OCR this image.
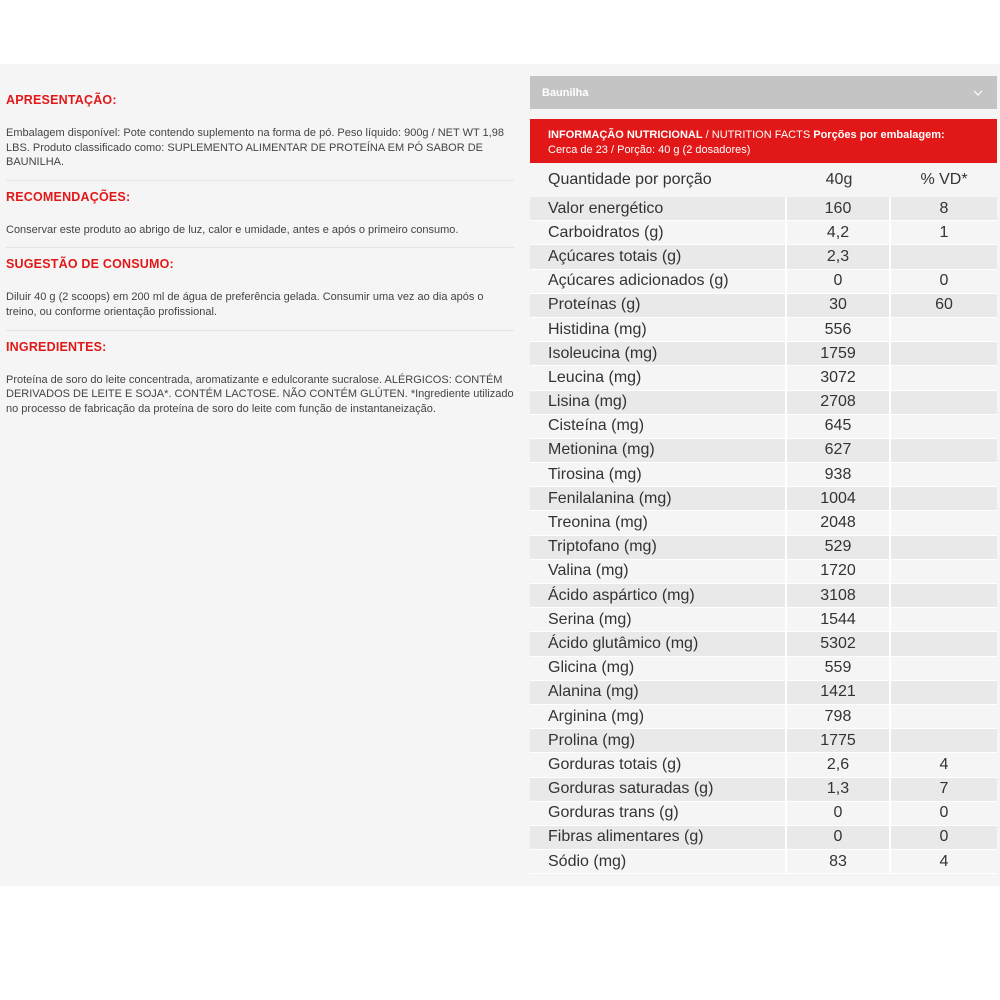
APRESENTAÇÃO:
Embalagem disponível: Pote contendo suplemento na forma de pó. Peso líquido: 900g / NET WT 1,98 LBS. Produto classificado como: SUPLEMENTO ALIMENTAR DE PROTEÍNA EM PÓ SABOR DE BAUNILHA.
RECOMENDAÇÕES:
Conservar este produto ao abrigo de luz, calor e umidade, antes e após o primeiro consumo.
SUGESTÃO DE CONSUMO:
Diluir 40 g (2 scoops) em 200 ml de água de preferência gelada. Consumir uma vez ao dia após o treino, ou conforme orientação profissional.
INGREDIENTES:
Proteína de soro do leite concentrada, aromatizante e edulcorante sucralose. ALÉRGICOS: CONTÉM DERIVADOS DE LEITE E SOJA*. CONTÉM LACTOSE. NÃO CONTÉM GLÚTEN. *Ingrediente utilizado no processo de fabricação da proteína de soro do leite com função de instantaneização.
Baunilha
INFORMAÇÃO NUTRICIONAL / NUTRITION FACTS Porções por embalagem:
Cerca de 23 / Porção: 40 g (2 dosadores)
Quantidade por porção	40g	% VD*
Valor energético	160	8
Carboidratos (g)	4,2	1
Açúcares totais (g)	2,3
Açúcares adicionados (g)	0	0
Proteínas (g)	30	60
Histidina (mg)	556
Isoleucina (mg)	1759
Leucina (mg)	3072
Lisina (mg)	2708
Cisteína (mg)	645
Metionina (mg)	627
Tirosina (mg)	938
Fenilalanina (mg)	1004
Treonina (mg)	2048
Triptofano (mg)	529
Valina (mg)	1720
Ácido aspártico (mg)	3108
Serina (mg)	1544
Ácido glutâmico (mg)	5302
Glicina (mg)	559
Alanina (mg)	1421
Arginina (mg)	798
Prolina (mg)	1775
Gorduras totais (g)	2,6	4
Gorduras saturadas (g)	1,3	7
Gorduras trans (g)	0	0
Fibras alimentares (g)	0	0
Sódio (mg)	83	4
